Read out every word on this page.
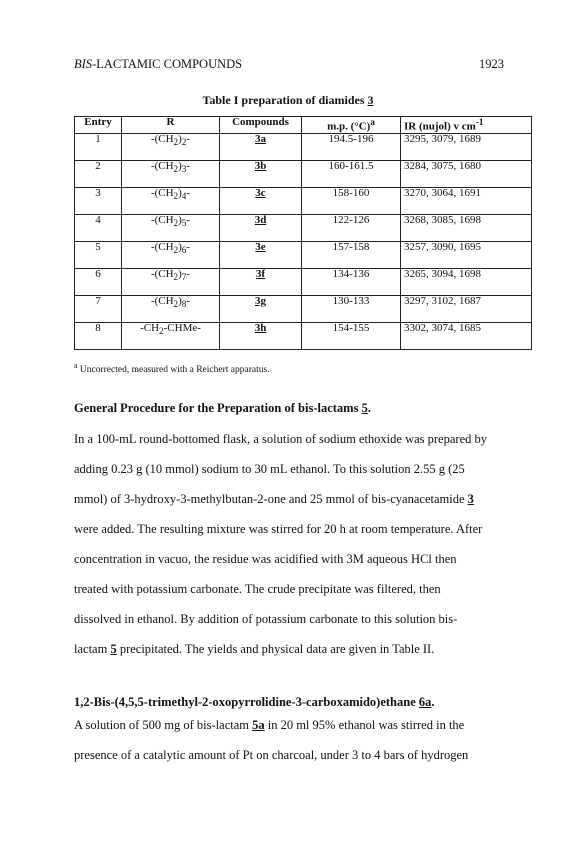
BIS-LACTAMIC COMPOUNDS	1923
Table I preparation of diamides 3
Entry	R	Compounds	m.p. $(^\circ C)^a$	IR (nujol) v $cm^{-1}$
1	$-(CH_2)_2-$	3a	194.5-196	3295, 3079, 1689
2	$-(CH_2)_3-$	3b	160-161.5	3284, 3075, 1680
3	$-(CH_2)_4-$	3c	158-160	3270, 3064, 1691
4	$-(CH_2)_5-$	3d	122-126	3268, 3085, 1698
5	$-(CH_2)_6-$	3e	157-158	3257, 3090, 1695
6	$-(CH_2)_7-$	3f	134-136	3265, 3094, 1698
7	$-(CH_2)_8-$	3g	130-133	3297, 3102, 1687
8	$-CH_2-CHMe-$	3h	154-155	3302, 3074, 1685
$^a$ Uncorrected, measured with a Reichert apparatus.
General Procedure for the Preparation of bis-lactams 5.
In a 100-mL round-bottomed flask, a solution of sodium ethoxide was prepared by
adding 0.23 g (10 mmol) sodium to 30 mL ethanol. To this solution 2.55 g (25
mmol) of 3-hydroxy-3-methylbutan-2-one and 25 mmol of bis-cyanacetamide 3
were added. The resulting mixture was stirred for 20 h at room temperature. After
concentration in vacuo, the residue was acidified with 3M aqueous HCl then
treated with potassium carbonate. The crude precipitate was filtered, then
dissolved in ethanol. By addition of potassium carbonate to this solution bis-
lactam 5 precipitated. The yields and physical data are given in Table II.
1,2-Bis-(4,5,5-trimethyl-2-oxopyrrolidine-3-carboxamido)ethane 6a.
A solution of 500 mg of bis-lactam 5a in 20 ml 95% ethanol was stirred in the
presence of a catalytic amount of Pt on charcoal, under 3 to 4 bars of hydrogen
